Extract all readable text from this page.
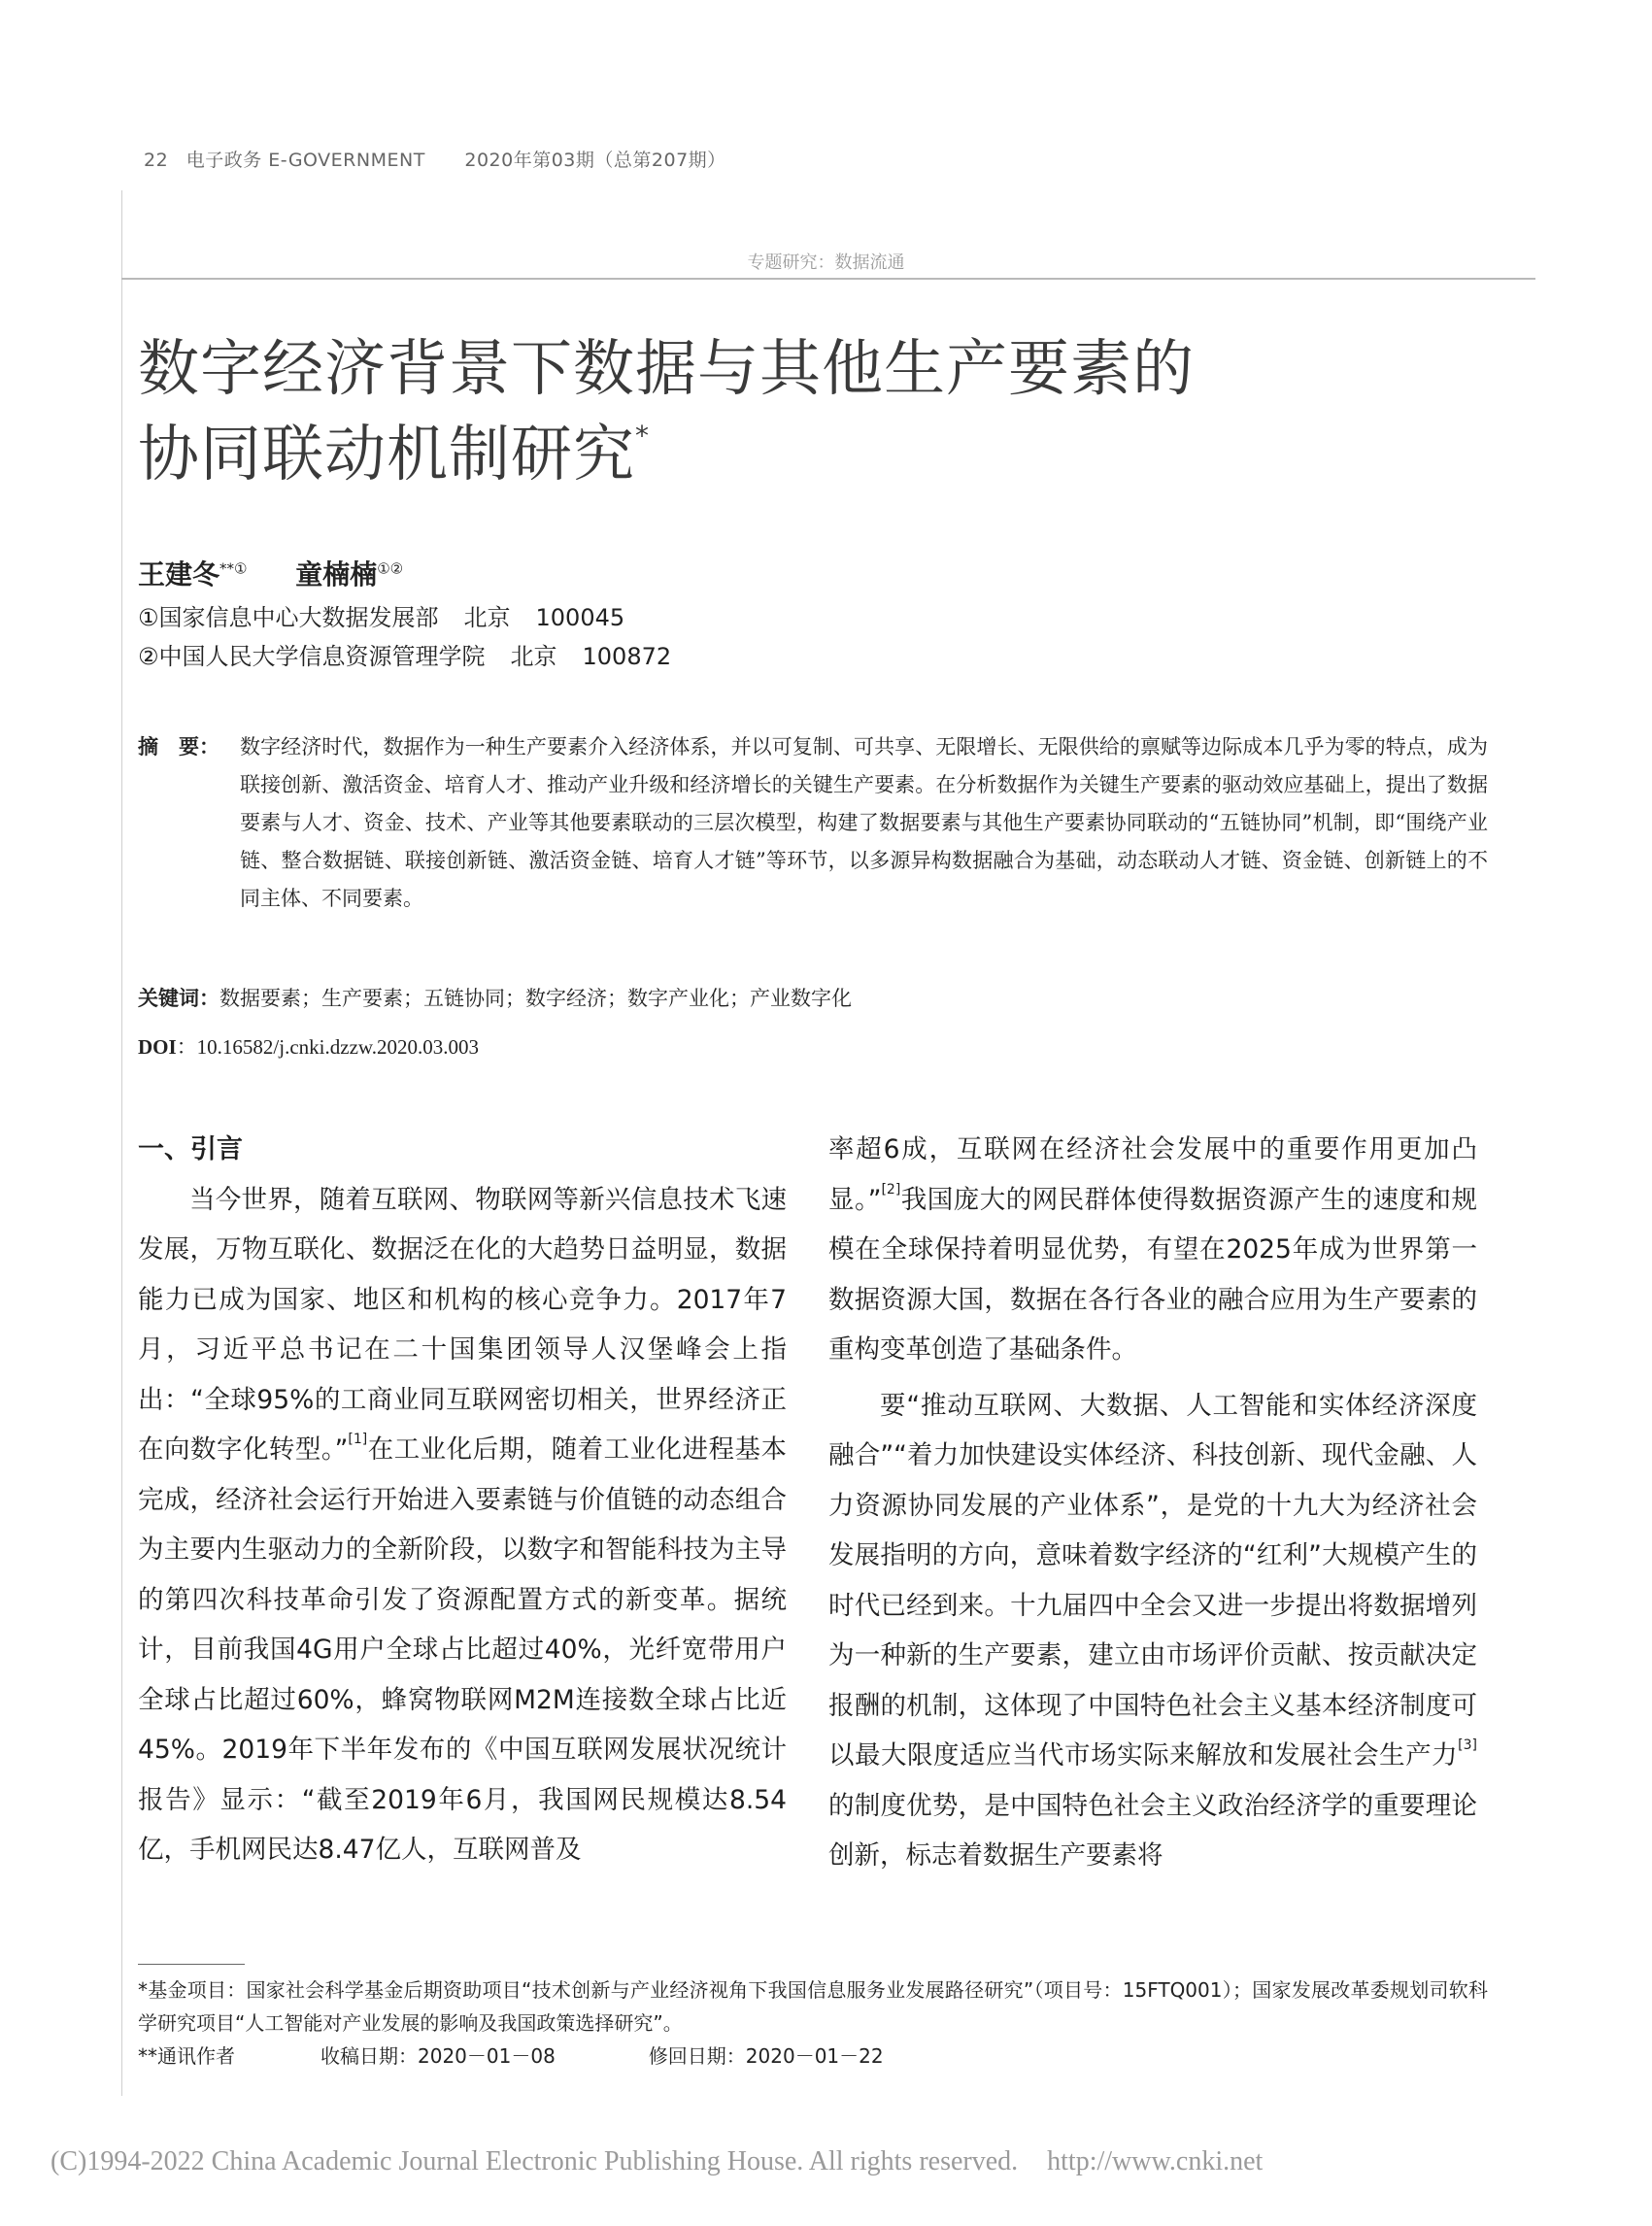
22 电子政务 E-GOVERNMENT 2020年第03期（总第207期）
专题研究：数据流通
数字经济背景下数据与其他生产要素的
协同联动机制研究*
王建冬**① 童楠楠①②
①国家信息中心大数据发展部 北京 100045
②中国人民大学信息资源管理学院 北京 100872
摘　要： 数字经济时代，数据作为一种生产要素介入经济体系，并以可复制、可共享、无限增长、无限供给的禀赋等边际成本几乎为零的特点，成为联接创新、激活资金、培育人才、推动产业升级和经济增长的关键生产要素。在分析数据作为关键生产要素的驱动效应基础上，提出了数据要素与人才、资金、技术、产业等其他要素联动的三层次模型，构建了数据要素与其他生产要素协同联动的“五链协同”机制，即“围绕产业链、整合数据链、联接创新链、激活资金链、培育人才链”等环节，以多源异构数据融合为基础，动态联动人才链、资金链、创新链上的不同主体、不同要素。
关键词：数据要素；生产要素；五链协同；数字经济；数字产业化；产业数字化
DOI：10.16582/j.cnki.dzzw.2020.03.003
一、引言

当今世界，随着互联网、物联网等新兴信息技术飞速发展，万物互联化、数据泛在化的大趋势日益明显，数据能力已成为国家、地区和机构的核心竞争力。2017年7月，习近平总书记在二十国集团领导人汉堡峰会上指出：“全球95%的工商业同互联网密切相关，世界经济正在向数字化转型。”[1]在工业化后期，随着工业化进程基本完成，经济社会运行开始进入要素链与价值链的动态组合为主要内生驱动力的全新阶段，以数字和智能科技为主导的第四次科技革命引发了资源配置方式的新变革。据统计，目前我国4G用户全球占比超过40%，光纤宽带用户全球占比超过60%，蜂窝物联网M2M连接数全球占比近45%。2019年下半年发布的《中国互联网发展状况统计报告》显示：“截至2019年6月，我国网民规模达8.54亿，手机网民达8.47亿人，互联网普及

率超6成，互联网在经济社会发展中的重要作用更加凸显。”[2]我国庞大的网民群体使得数据资源产生的速度和规模在全球保持着明显优势，有望在2025年成为世界第一数据资源大国，数据在各行各业的融合应用为生产要素的重构变革创造了基础条件。

要“推动互联网、大数据、人工智能和实体经济深度融合”“着力加快建设实体经济、科技创新、现代金融、人力资源协同发展的产业体系”，是党的十九大为经济社会发展指明的方向，意味着数字经济的“红利”大规模产生的时代已经到来。十九届四中全会又进一步提出将数据增列为一种新的生产要素，建立由市场评价贡献、按贡献决定报酬的机制，这体现了中国特色社会主义基本经济制度可以最大限度适应当代市场实际来解放和发展社会生产力[3]的制度优势，是中国特色社会主义政治经济学的重要理论创新，标志着数据生产要素将

*基金项目：国家社会科学基金后期资助项目“技术创新与产业经济视角下我国信息服务业发展路径研究”（项目号：15FTQ001）；国家发展改革委规划司软科学研究项目“人工智能对产业发展的影响及我国政策选择研究”。
**通讯作者	收稿日期：2020－01－08	修回日期：2020－01－22
(C)1994-2022 China Academic Journal Electronic Publishing House. All rights reserved. http://www.cnki.net
